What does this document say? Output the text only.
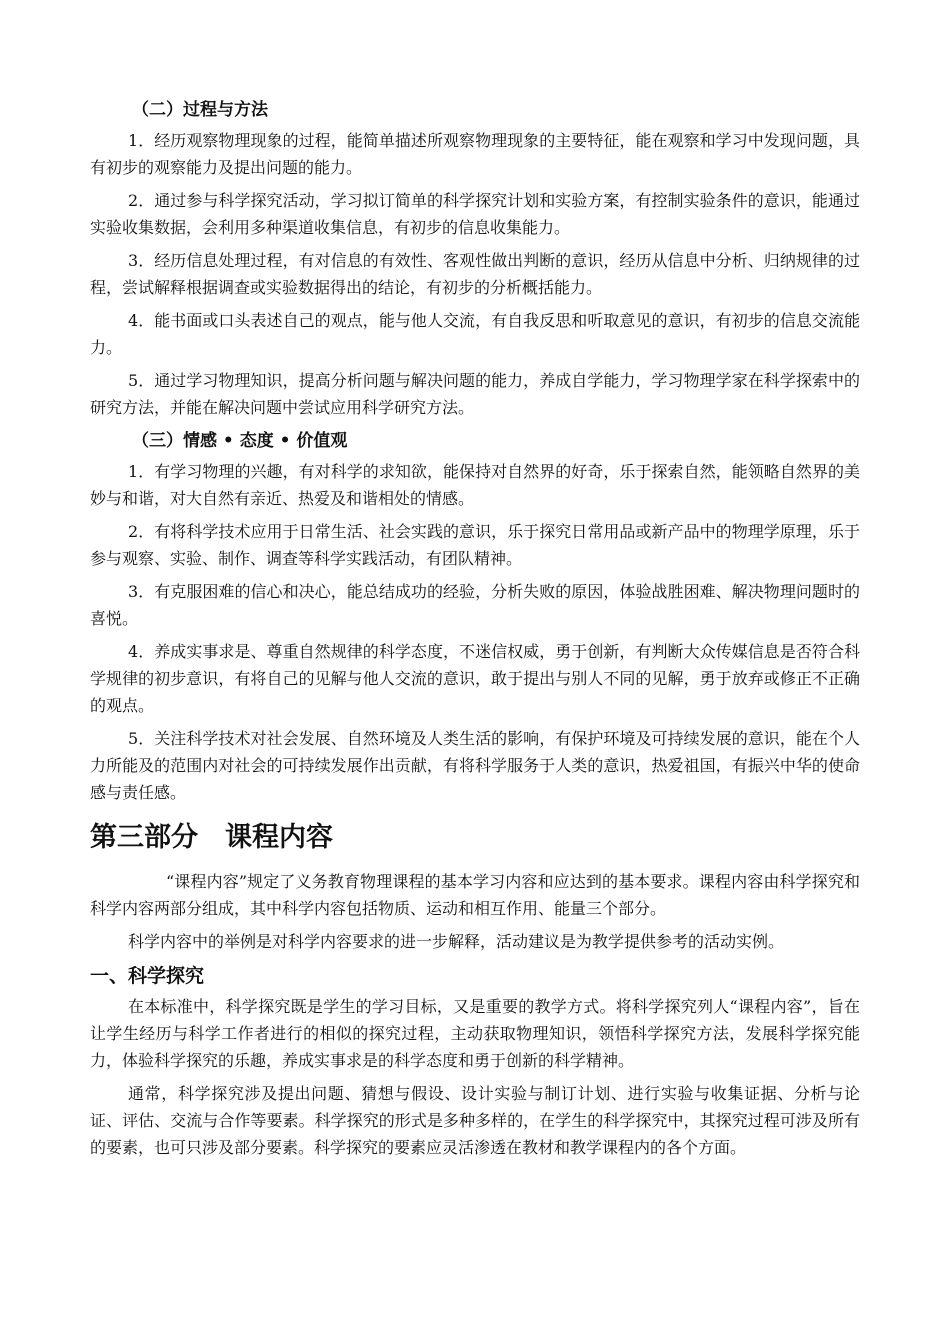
（二）过程与方法

1．经历观察物理现象的过程，能简单描述所观察物理现象的主要特征，能在观察和学习中发现问题，具有初步的观察能力及提出问题的能力。

2．通过参与科学探究活动，学习拟订简单的科学探究计划和实验方案，有控制实验条件的意识，能通过实验收集数据，会利用多种渠道收集信息，有初步的信息收集能力。

3．经历信息处理过程，有对信息的有效性、客观性做出判断的意识，经历从信息中分析、归纳规律的过程，尝试解释根据调查或实验数据得出的结论，有初步的分析概括能力。

4．能书面或口头表述自己的观点，能与他人交流，有自我反思和听取意见的意识，有初步的信息交流能力。

5．通过学习物理知识，提高分析问题与解决问题的能力，养成自学能力，学习物理学家在科学探索中的研究方法，并能在解决问题中尝试应用科学研究方法。

（三）情感 • 态度 • 价值观

1．有学习物理的兴趣，有对科学的求知欲，能保持对自然界的好奇，乐于探索自然，能领略自然界的美妙与和谐，对大自然有亲近、热爱及和谐相处的情感。

2．有将科学技术应用于日常生活、社会实践的意识，乐于探究日常用品或新产品中的物理学原理，乐于参与观察、实验、制作、调查等科学实践活动，有团队精神。

3．有克服困难的信心和决心，能总结成功的经验，分析失败的原因，体验战胜困难、解决物理问题时的喜悦。

4．养成实事求是、尊重自然规律的科学态度，不迷信权威，勇于创新，有判断大众传媒信息是否符合科学规律的初步意识，有将自己的见解与他人交流的意识，敢于提出与别人不同的见解，勇于放弃或修正不正确的观点。

5．关注科学技术对社会发展、自然环境及人类生活的影响，有保护环境及可持续发展的意识，能在个人力所能及的范围内对社会的可持续发展作出贡献，有将科学服务于人类的意识，热爱祖国，有振兴中华的使命感与责任感。

第三部分　课程内容

“课程内容”规定了义务教育物理课程的基本学习内容和应达到的基本要求。课程内容由科学探究和科学内容两部分组成，其中科学内容包括物质、运动和相互作用、能量三个部分。

科学内容中的举例是对科学内容要求的进一步解释，活动建议是为教学提供参考的活动实例。

一、科学探究

在本标准中，科学探究既是学生的学习目标，又是重要的教学方式。将科学探究列人“课程内容”，旨在让学生经历与科学工作者进行的相似的探究过程，主动获取物理知识，领悟科学探究方法，发展科学探究能力，体验科学探究的乐趣，养成实事求是的科学态度和勇于创新的科学精神。

通常，科学探究涉及提出问题、猜想与假设、设计实验与制订计划、进行实验与收集证据、分析与论证、评估、交流与合作等要素。科学探究的形式是多种多样的，在学生的科学探究中，其探究过程可涉及所有的要素，也可只涉及部分要素。科学探究的要素应灵活渗透在教材和教学课程内的各个方面。
